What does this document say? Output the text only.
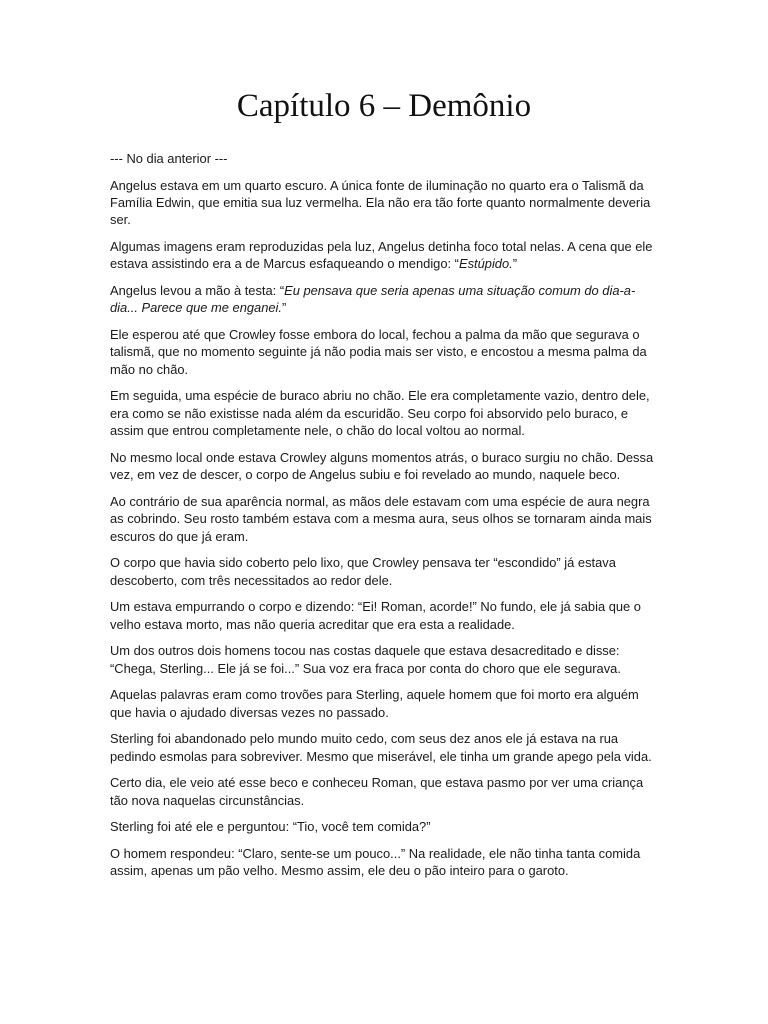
Capítulo 6 – Demônio

--- No dia anterior ---

Angelus estava em um quarto escuro. A única fonte de iluminação no quarto era o Talismã da Família Edwin, que emitia sua luz vermelha. Ela não era tão forte quanto normalmente deveria ser.

Algumas imagens eram reproduzidas pela luz, Angelus detinha foco total nelas. A cena que ele estava assistindo era a de Marcus esfaqueando o mendigo: “Estúpido.”

Angelus levou a mão à testa: “Eu pensava que seria apenas uma situação comum do dia-a-dia... Parece que me enganei.”

Ele esperou até que Crowley fosse embora do local, fechou a palma da mão que segurava o talismã, que no momento seguinte já não podia mais ser visto, e encostou a mesma palma da mão no chão.

Em seguida, uma espécie de buraco abriu no chão. Ele era completamente vazio, dentro dele, era como se não existisse nada além da escuridão. Seu corpo foi absorvido pelo buraco, e assim que entrou completamente nele, o chão do local voltou ao normal.

No mesmo local onde estava Crowley alguns momentos atrás, o buraco surgiu no chão. Dessa vez, em vez de descer, o corpo de Angelus subiu e foi revelado ao mundo, naquele beco.

Ao contrário de sua aparência normal, as mãos dele estavam com uma espécie de aura negra as cobrindo. Seu rosto também estava com a mesma aura, seus olhos se tornaram ainda mais escuros do que já eram.

O corpo que havia sido coberto pelo lixo, que Crowley pensava ter “escondido” já estava descoberto, com três necessitados ao redor dele.

Um estava empurrando o corpo e dizendo: “Ei! Roman, acorde!” No fundo, ele já sabia que o velho estava morto, mas não queria acreditar que era esta a realidade.

Um dos outros dois homens tocou nas costas daquele que estava desacreditado e disse: “Chega, Sterling... Ele já se foi...” Sua voz era fraca por conta do choro que ele segurava.

Aquelas palavras eram como trovões para Sterling, aquele homem que foi morto era alguém que havia o ajudado diversas vezes no passado.

Sterling foi abandonado pelo mundo muito cedo, com seus dez anos ele já estava na rua pedindo esmolas para sobreviver. Mesmo que miserável, ele tinha um grande apego pela vida.

Certo dia, ele veio até esse beco e conheceu Roman, que estava pasmo por ver uma criança tão nova naquelas circunstâncias.

Sterling foi até ele e perguntou: “Tio, você tem comida?”

O homem respondeu: “Claro, sente-se um pouco...” Na realidade, ele não tinha tanta comida assim, apenas um pão velho. Mesmo assim, ele deu o pão inteiro para o garoto.
